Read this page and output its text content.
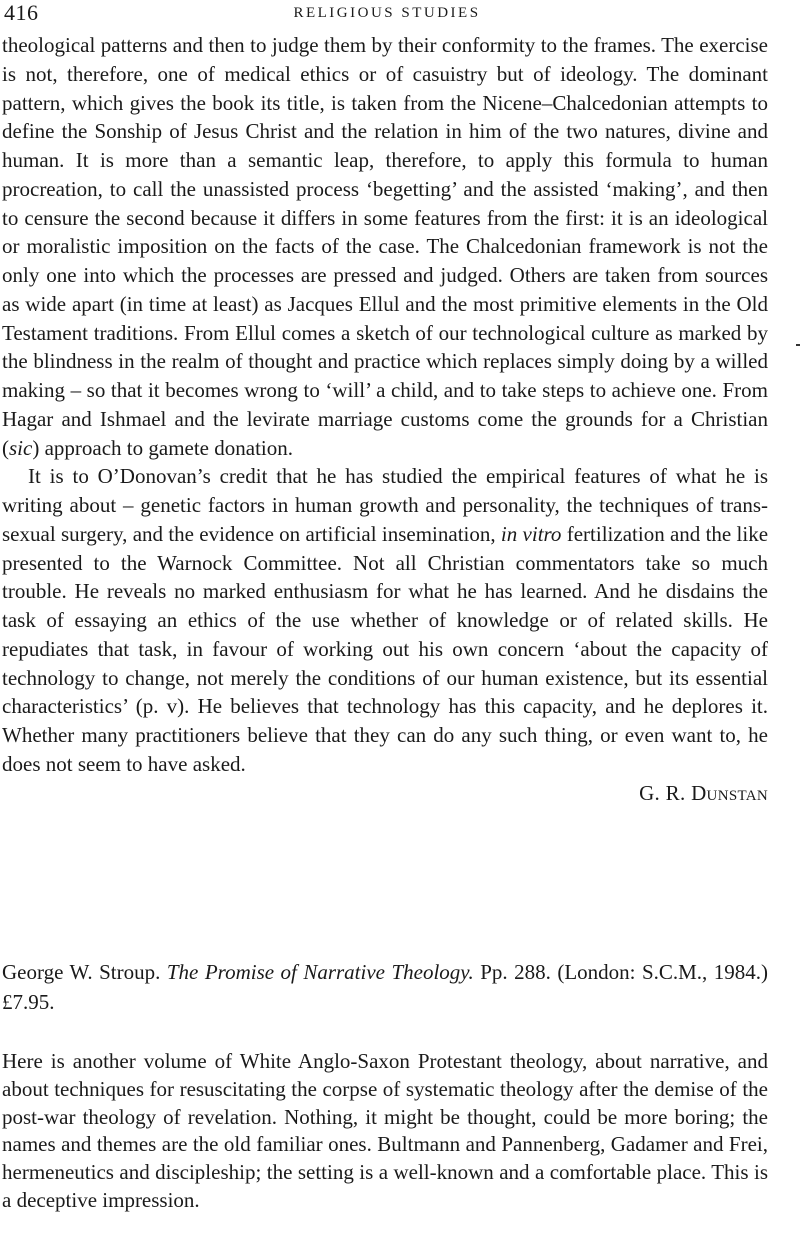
416	RELIGIOUS STUDIES

theological patterns and then to judge them by their conformity to the frames. The exercise is not, therefore, one of medical ethics or of casuistry but of ideology. The dominant pattern, which gives the book its title, is taken from the Nicene–Chalcedonian attempts to define the Sonship of Jesus Christ and the relation in him of the two natures, divine and human. It is more than a semantic leap, therefore, to apply this formula to human procreation, to call the unassisted process ‘begetting’ and the assisted ‘making’, and then to censure the second because it differs in some features from the first: it is an ideological or moralistic imposition on the facts of the case. The Chalcedonian framework is not the only one into which the processes are pressed and judged. Others are taken from sources as wide apart (in time at least) as Jacques Ellul and the most primitive elements in the Old Testament traditions. From Ellul comes a sketch of our technological culture as marked by the blindness in the realm of thought and practice which replaces simply doing by a willed making – so that it becomes wrong to ‘will’ a child, and to take steps to achieve one. From Hagar and Ishmael and the levirate marriage customs come the grounds for a Christian (sic) approach to gamete donation.

It is to O’Donovan’s credit that he has studied the empirical features of what he is writing about – genetic factors in human growth and personality, the techniques of trans-sexual surgery, and the evidence on artificial insemination, in vitro fertilization and the like presented to the Warnock Committee. Not all Christian commentators take so much trouble. He reveals no marked enthusiasm for what he has learned. And he disdains the task of essaying an ethics of the use whether of knowledge or of related skills. He repudiates that task, in favour of working out his own concern ‘about the capacity of technology to change, not merely the conditions of our human existence, but its essential characteristics’ (p. v). He believes that technology has this capacity, and he deplores it. Whether many practitioners believe that they can do any such thing, or even want to, he does not seem to have asked.

G. R. Dunstan

George W. Stroup. The Promise of Narrative Theology. Pp. 288. (London: S.C.M., 1984.) £7.95.

Here is another volume of White Anglo-Saxon Protestant theology, about narrative, and about techniques for resuscitating the corpse of systematic theology after the demise of the post-war theology of revelation. Nothing, it might be thought, could be more boring; the names and themes are the old familiar ones. Bultmann and Pannenberg, Gadamer and Frei, hermeneutics and discipleship; the setting is a well-known and a comfortable place. This is a deceptive impression.
